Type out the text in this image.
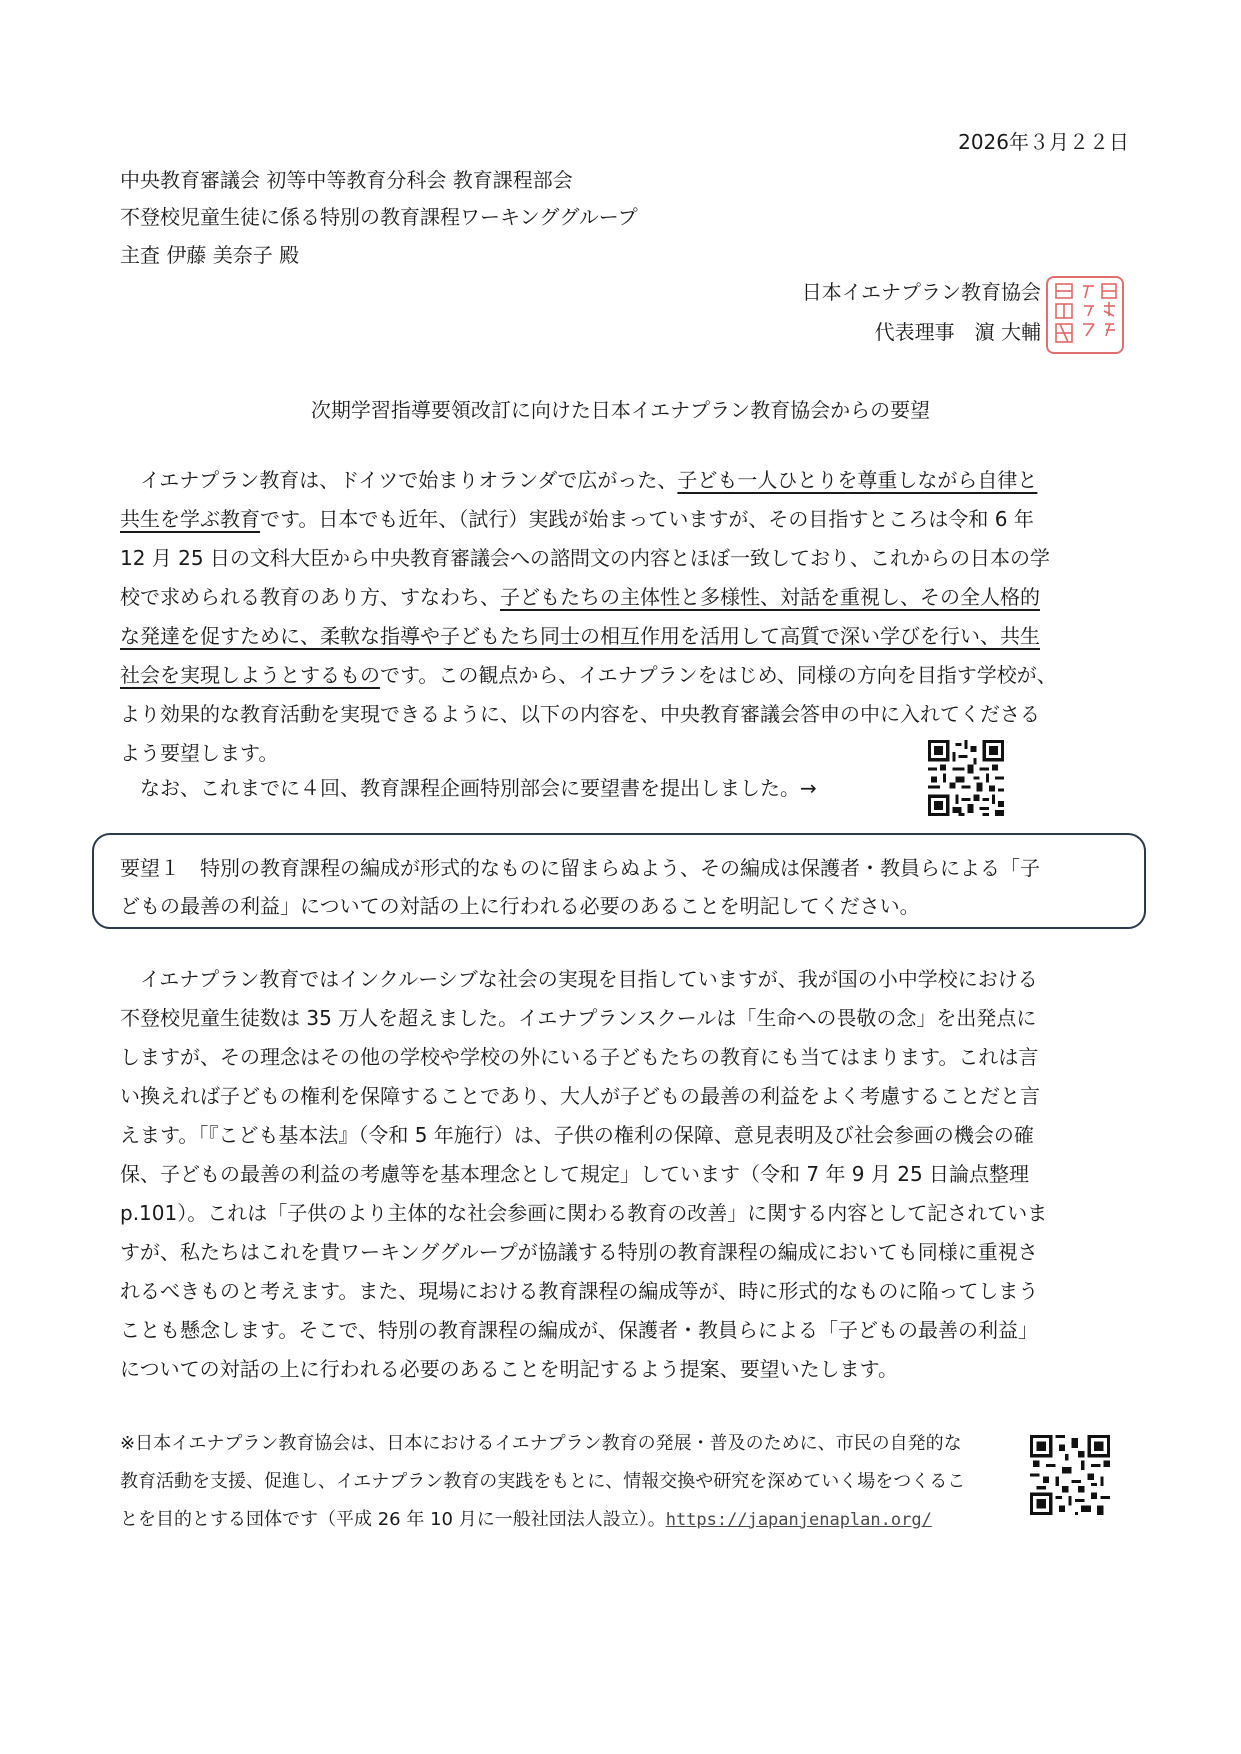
2026年３月２２日
中央教育審議会 初等中等教育分科会 教育課程部会
不登校児童生徒に係る特別の教育課程ワーキンググループ
主査 伊藤 美奈子 殿
日本イエナプラン教育協会
代表理事　濵 大輔
次期学習指導要領改訂に向けた日本イエナプラン教育協会からの要望
イエナプラン教育は、ドイツで始まりオランダで広がった、子ども一人ひとりを尊重しながら自律と
共生を学ぶ教育です。日本でも近年、（試行）実践が始まっていますが、その目指すところは令和 6 年
12 月 25 日の文科大臣から中央教育審議会への諮問文の内容とほぼ一致しており、これからの日本の学
校で求められる教育のあり方、すなわち、子どもたちの主体性と多様性、対話を重視し、その全人格的
な発達を促すために、柔軟な指導や子どもたち同士の相互作用を活用して高質で深い学びを行い、共生
社会を実現しようとするものです。この観点から、イエナプランをはじめ、同様の方向を目指す学校が、
より効果的な教育活動を実現できるように、以下の内容を、中央教育審議会答申の中に入れてくださる
よう要望します。
なお、これまでに４回、教育課程企画特別部会に要望書を提出しました。→
要望１　特別の教育課程の編成が形式的なものに留まらぬよう、その編成は保護者・教員らによる「子
どもの最善の利益」についての対話の上に行われる必要のあることを明記してください。
イエナプラン教育ではインクルーシブな社会の実現を目指していますが、我が国の小中学校における
不登校児童生徒数は 35 万人を超えました。イエナプランスクールは「生命への畏敬の念」を出発点に
しますが、その理念はその他の学校や学校の外にいる子どもたちの教育にも当てはまります。これは言
い換えれば子どもの権利を保障することであり、大人が子どもの最善の利益をよく考慮することだと言
えます。「『こども基本法』（令和 5 年施行）は、子供の権利の保障、意見表明及び社会参画の機会の確
保、子どもの最善の利益の考慮等を基本理念として規定」しています（令和 7 年 9 月 25 日論点整理
p.101）。これは「子供のより主体的な社会参画に関わる教育の改善」に関する内容として記されていま
すが、私たちはこれを貴ワーキンググループが協議する特別の教育課程の編成においても同様に重視さ
れるべきものと考えます。また、現場における教育課程の編成等が、時に形式的なものに陥ってしまう
ことも懸念します。そこで、特別の教育課程の編成が、保護者・教員らによる「子どもの最善の利益」
についての対話の上に行われる必要のあることを明記するよう提案、要望いたします。
※日本イエナプラン教育協会は、日本におけるイエナプラン教育の発展・普及のために、市民の自発的な
教育活動を支援、促進し、イエナプラン教育の実践をもとに、情報交換や研究を深めていく場をつくるこ
とを目的とする団体です（平成 26 年 10 月に一般社団法人設立）。https://japanjenaplan.org/
